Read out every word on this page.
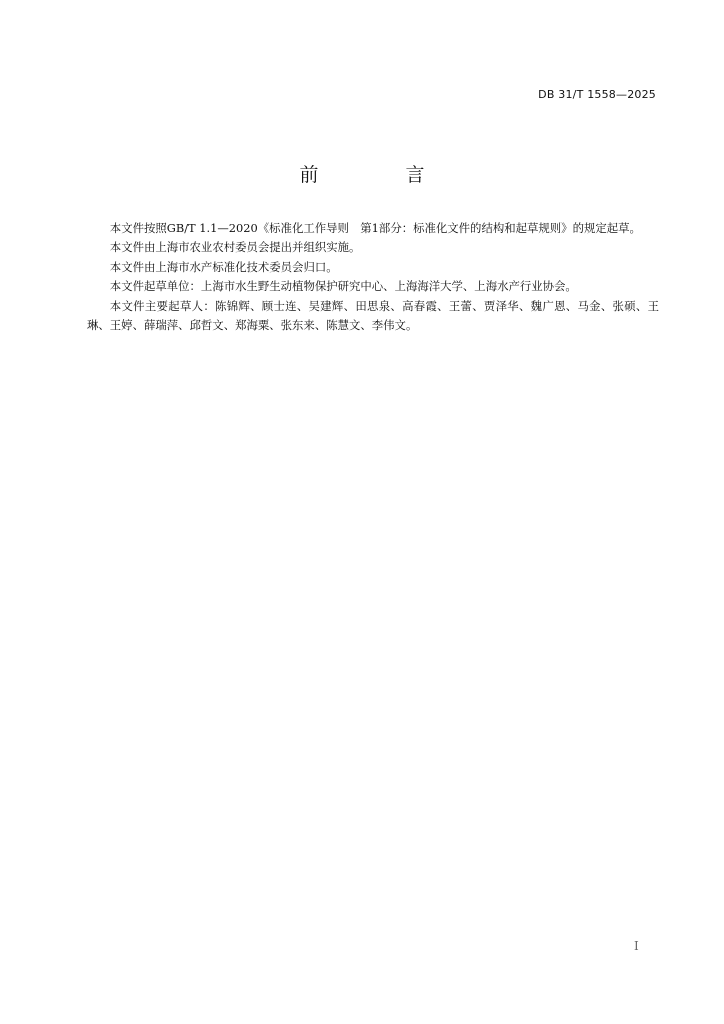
DB 31/T 1558—2025
前　言

本文件按照GB/T 1.1—2020《标准化工作导则　第1部分：标准化文件的结构和起草规则》的规定起草。

本文件由上海市农业农村委员会提出并组织实施。

本文件由上海市水产标准化技术委员会归口。

本文件起草单位：上海市水生野生动植物保护研究中心、上海海洋大学、上海水产行业协会。

本文件主要起草人：陈锦辉、顾士连、吴建辉、田思泉、高春霞、王蕾、贾泽华、魏广恩、马金、张硕、王琳、王婷、薛瑞萍、邱哲文、郑海粟、张东来、陈慧文、李伟文。

I
